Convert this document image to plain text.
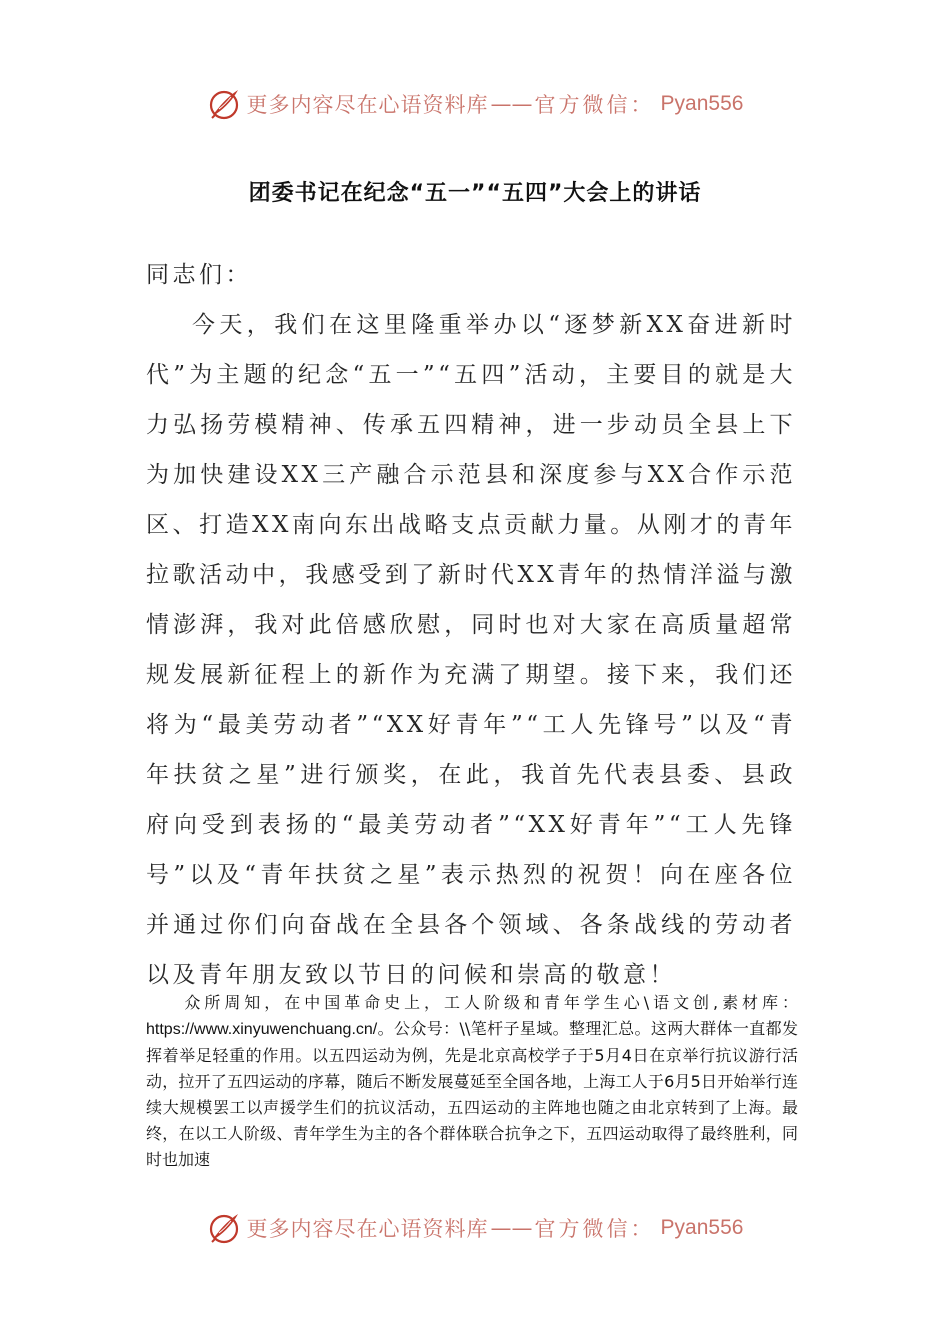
更多内容尽在心语资料库 —— 官方微信： Pyan556
团委书记在纪念“五一”“五四”大会上的讲话
同志们：
今天，我们在这里隆重举办以“逐梦新XX奋进新时代”为主题的纪念“五一”“五四”活动，主要目的就是大力弘扬劳模精神、传承五四精神，进一步动员全县上下为加快建设XX三产融合示范县和深度参与XX合作示范区、打造XX南向东出战略支点贡献力量。从刚才的青年拉歌活动中，我感受到了新时代XX青年的热情洋溢与激情澎湃，我对此倍感欣慰，同时也对大家在高质量超常规发展新征程上的新作为充满了期望。接下来，我们还将为“最美劳动者”“XX好青年”“工人先锋号”以及“青年扶贫之星”进行颁奖，在此，我首先代表县委、县政府向受到表扬的“最美劳动者”“XX好青年”“工人先锋号”以及“青年扶贫之星”表示热烈的祝贺！向在座各位并通过你们向奋战在全县各个领域、各条战线的劳动者以及青年朋友致以节日的问候和崇高的敬意！
众所周知，在中国革命史上，工人阶级和青年学生心\语文创,素材库：https://www.xinyuwenchuang.cn/。公众号：\\笔杆子星域。整理汇总。这两大群体一直都发挥着举足轻重的作用。以五四运动为例，先是北京高校学子于5月4日在京举行抗议游行活动，拉开了五四运动的序幕，随后不断发展蔓延至全国各地，上海工人于6月5日开始举行连续大规模罢工以声援学生们的抗议活动，五四运动的主阵地也随之由北京转到了上海。最终，在以工人阶级、青年学生为主的各个群体联合抗争之下，五四运动取得了最终胜利，同时也加速
更多内容尽在心语资料库 —— 官方微信： Pyan556
